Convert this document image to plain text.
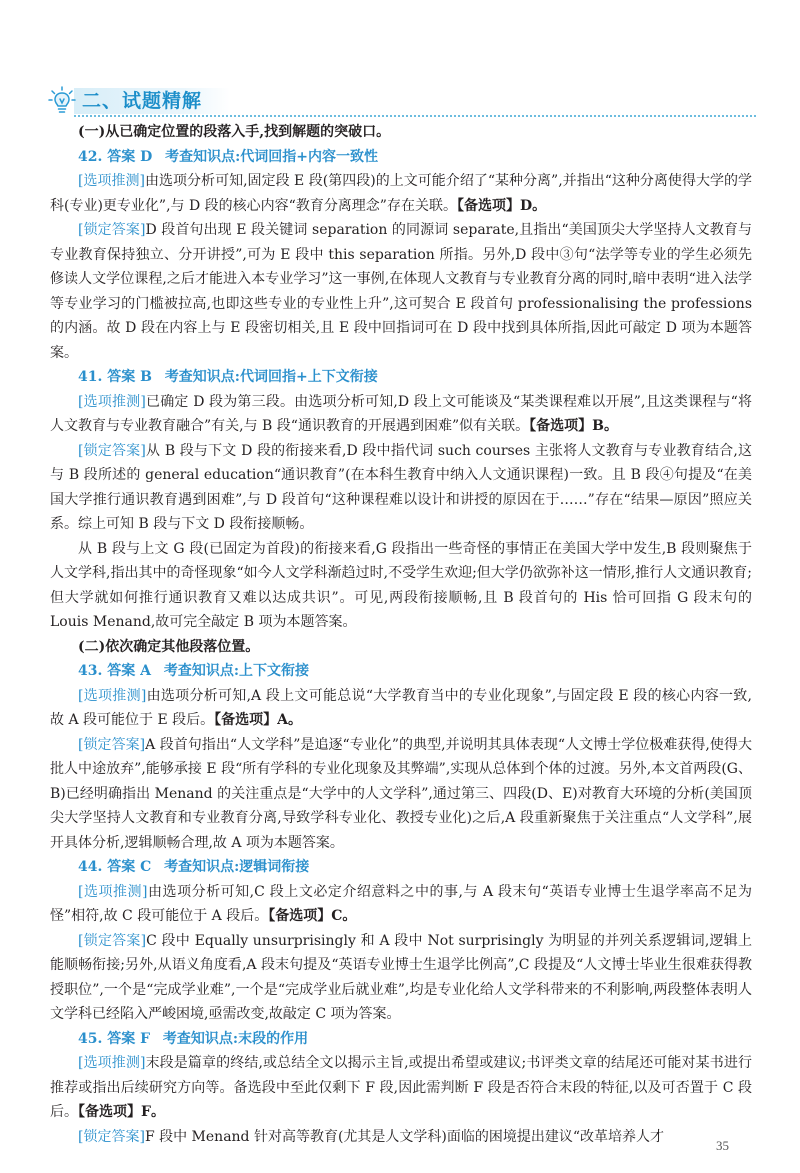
二、试题精解

(一)从已确定位置的段落入手,找到解题的突破口。

42. 答案 D 考查知识点:代词回指+内容一致性

[选项推测]由选项分析可知,固定段 E 段(第四段)的上文可能介绍了“某种分离”,并指出“这种分离使得大学的学科(专业)更专业化”,与 D 段的核心内容“教育分离理念”存在关联。【备选项】D。

[锁定答案]D 段首句出现 E 段关键词 separation 的同源词 separate,且指出“美国顶尖大学坚持人文教育与专业教育保持独立、分开讲授”,可为 E 段中 this separation 所指。另外,D 段中③句“法学等专业的学生必须先修读人文学位课程,之后才能进入本专业学习”这一事例,在体现人文教育与专业教育分离的同时,暗中表明“进入法学等专业学习的门槛被拉高,也即这些专业的专业性上升”,这可契合 E 段首句 professionalising the professions 的内涵。故 D 段在内容上与 E 段密切相关,且 E 段中回指词可在 D 段中找到具体所指,因此可敲定 D 项为本题答案。

41. 答案 B 考查知识点:代词回指+上下文衔接

[选项推测]已确定 D 段为第三段。由选项分析可知,D 段上文可能谈及“某类课程难以开展”,且这类课程与“将人文教育与专业教育融合”有关,与 B 段“通识教育的开展遇到困难”似有关联。【备选项】B。

[锁定答案]从 B 段与下文 D 段的衔接来看,D 段中指代词 such courses 主张将人文教育与专业教育结合,这与 B 段所述的 general education“通识教育”(在本科生教育中纳入人文通识课程)一致。且 B 段④句提及“在美国大学推行通识教育遇到困难”,与 D 段首句“这种课程难以设计和讲授的原因在于……”存在“结果—原因”照应关系。综上可知 B 段与下文 D 段衔接顺畅。

从 B 段与上文 G 段(已固定为首段)的衔接来看,G 段指出一些奇怪的事情正在美国大学中发生,B 段则聚焦于人文学科,指出其中的奇怪现象“如今人文学科渐趋过时,不受学生欢迎;但大学仍欲弥补这一情形,推行人文通识教育;但大学就如何推行通识教育又难以达成共识”。可见,两段衔接顺畅,且 B 段首句的 His 恰可回指 G 段末句的 Louis Menand,故可完全敲定 B 项为本题答案。

(二)依次确定其他段落位置。

43. 答案 A 考查知识点:上下文衔接

[选项推测]由选项分析可知,A 段上文可能总说“大学教育当中的专业化现象”,与固定段 E 段的核心内容一致,故 A 段可能位于 E 段后。【备选项】A。

[锁定答案]A 段首句指出“人文学科”是追逐“专业化”的典型,并说明其具体表现“人文博士学位极难获得,使得大批人中途放弃”,能够承接 E 段“所有学科的专业化现象及其弊端”,实现从总体到个体的过渡。另外,本文首两段(G、B)已经明确指出 Menand 的关注重点是“大学中的人文学科”,通过第三、四段(D、E)对教育大环境的分析(美国顶尖大学坚持人文教育和专业教育分离,导致学科专业化、教授专业化)之后,A 段重新聚焦于关注重点“人文学科”,展开具体分析,逻辑顺畅合理,故 A 项为本题答案。

44. 答案 C 考查知识点:逻辑词衔接

[选项推测]由选项分析可知,C 段上文必定介绍意料之中的事,与 A 段末句“英语专业博士生退学率高不足为怪”相符,故 C 段可能位于 A 段后。【备选项】C。

[锁定答案]C 段中 Equally unsurprisingly 和 A 段中 Not surprisingly 为明显的并列关系逻辑词,逻辑上能顺畅衔接;另外,从语义角度看,A 段末句提及“英语专业博士生退学比例高”,C 段提及“人文博士毕业生很难获得教授职位”,一个是“完成学业难”,一个是“完成学业后就业难”,均是专业化给人文学科带来的不利影响,两段整体表明人文学科已经陷入严峻困境,亟需改变,故敲定 C 项为答案。

45. 答案 F 考查知识点:末段的作用

[选项推测]末段是篇章的终结,或总结全文以揭示主旨,或提出希望或建议;书评类文章的结尾还可能对某书进行推荐或指出后续研究方向等。备选段中至此仅剩下 F 段,因此需判断 F 段是否符合末段的特征,以及可否置于 C 段后。【备选项】F。

[锁定答案]F 段中 Menand 针对高等教育(尤其是人文学科)面临的困境提出建议“改革培养人才

35
